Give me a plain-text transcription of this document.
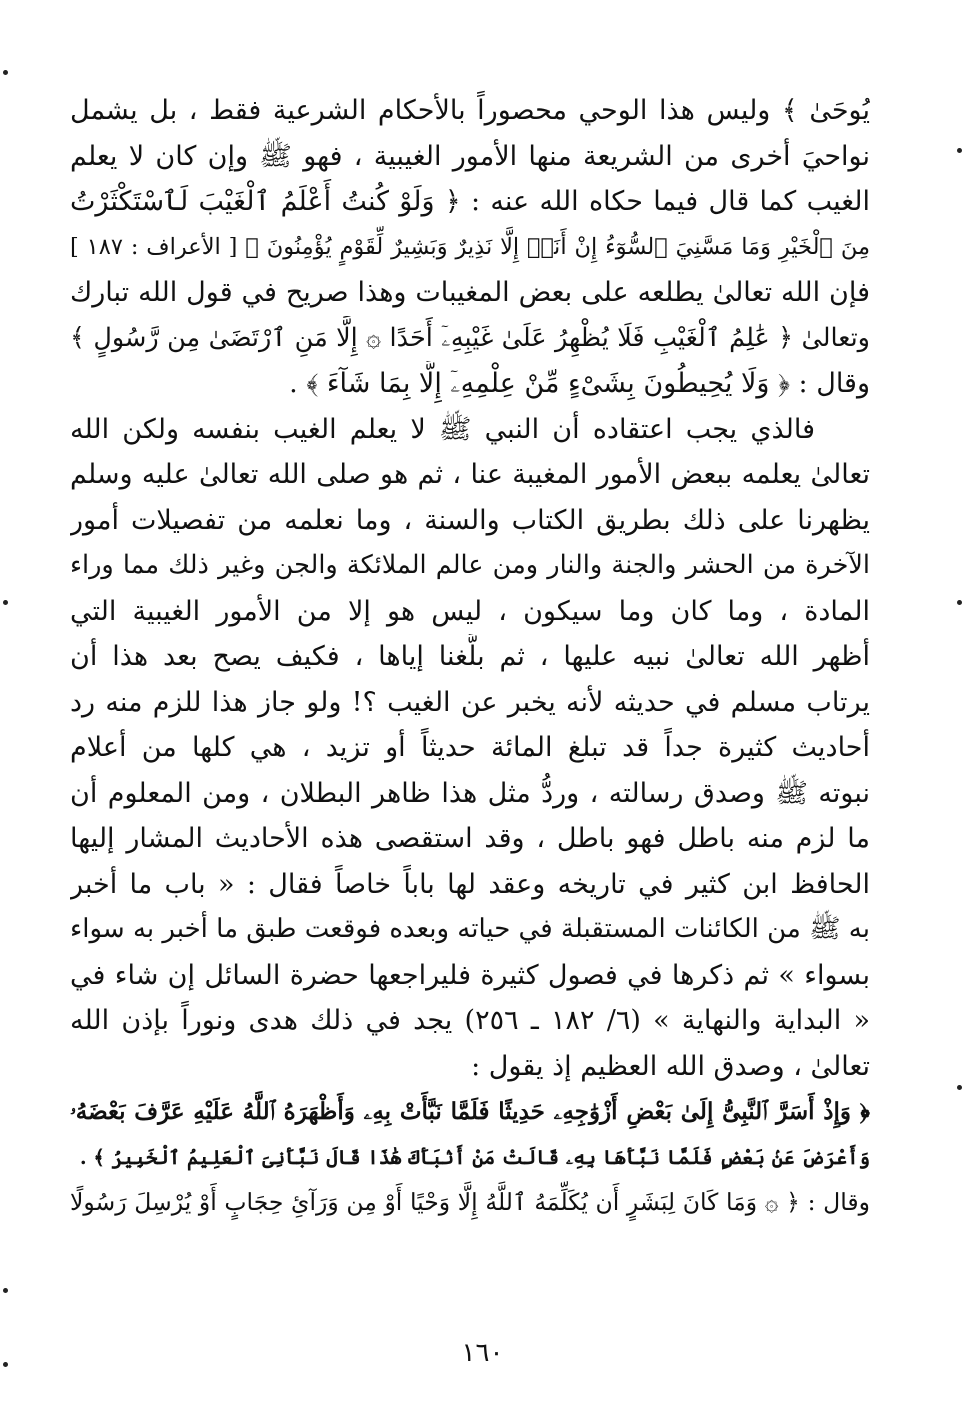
يُوحَىٰ ﴾ وليس هذا الوحي محصوراً بالأحكام الشرعية فقط ، بل يشمل
نواحيَ أخرى من الشريعة منها الأمور الغيبية ، فهو ﷺ وإن كان لا يعلم
الغيب كما قال فيما حكاه الله عنه : ﴿ وَلَوْ كُنتُ أَعْلَمُ ٱلْغَيْبَ لَٱسْتَكْثَرْتُ
مِنَ ٱلْخَيْرِ وَمَا مَسَّنِيَ ٱلسُّوٓءُ إِنْ أَنَا۠ إِلَّا نَذِيرٌ وَبَشِيرٌ لِّقَوْمٍ يُؤْمِنُونَ ﴾ [ الأعراف : ١٨٧ ]
فإن الله تعالىٰ يطلعه على بعض المغيبات وهذا صريح في قول الله تبارك
وتعالىٰ ﴿ عَٰلِمُ ٱلْغَيْبِ فَلَا يُظْهِرُ عَلَىٰ غَيْبِهِۦٓ أَحَدًا ۞ إِلَّا مَنِ ٱرْتَضَىٰ مِن رَّسُولٍ ﴾
وقال : ﴿ وَلَا يُحِيطُونَ بِشَىْءٍ مِّنْ عِلْمِهِۦٓ إِلَّا بِمَا شَآءَ ﴾ .
فالذي يجب اعتقاده أن النبي ﷺ لا يعلم الغيب بنفسه ولكن الله
تعالىٰ يعلمه ببعض الأمور المغيبة عنا ، ثم هو صلى الله تعالىٰ عليه وسلم
يظهرنا على ذلك بطريق الكتاب والسنة ، وما نعلمه من تفصيلات أمور
الآخرة من الحشر والجنة والنار ومن عالم الملائكة والجن وغير ذلك مما وراء
المادة ، وما كان وما سيكون ، ليس هو إلا من الأمور الغيبية التي
أظهر الله تعالىٰ نبيه عليها ، ثم بلَّغنا إياها ، فكيف يصح بعد هذا أن
يرتاب مسلم في حديثه لأنه يخبر عن الغيب ؟! ولو جاز هذا للزم منه رد
أحاديث كثيرة جداً قد تبلغ المائة حديثاً أو تزيد ، هي كلها من أعلام
نبوته ﷺ وصدق رسالته ، وردُّ مثل هذا ظاهر البطلان ، ومن المعلوم أن
ما لزم منه باطل فهو باطل ، وقد استقصى هذه الأحاديث المشار إليها
الحافظ ابن كثير في تاريخه وعقد لها باباً خاصاً فقال : « باب ما أخبر
به ﷺ من الكائنات المستقبلة في حياته وبعده فوقعت طبق ما أخبر به سواء
بسواء » ثم ذكرها في فصول كثيرة فليراجعها حضرة السائل إن شاء في
« البداية والنهاية » (٦/ ١٨٢ ـ ٢٥٦) يجد في ذلك هدى ونوراً بإذن الله
تعالىٰ ، وصدق الله العظيم إذ يقول :
﴿ وَإِذْ أَسَرَّ ٱلنَّبِىُّ إِلَىٰ بَعْضِ أَزْوَٰجِهِۦ حَدِيثًا فَلَمَّا نَبَّأَتْ بِهِۦ وَأَظْهَرَهُ ٱللَّهُ عَلَيْهِ عَرَّفَ بَعْضَهُۥ
وَأَعْرَضَ عَنۢ بَعْضٍ فَلَمَّا نَبَّأَهَا بِهِۦ قَالَتْ مَنْ أَنۢبَأَكَ هَٰذَا قَالَ نَبَّأَنِىَ ٱلْعَلِيمُ ٱلْخَبِيرُ ﴾ .
وقال : ﴿ ۞ وَمَا كَانَ لِبَشَرٍ أَن يُكَلِّمَهُ ٱللَّهُ إِلَّا وَحْيًا أَوْ مِن وَرَآئِ حِجَابٍ أَوْ يُرْسِلَ رَسُولًا
١٦٠
